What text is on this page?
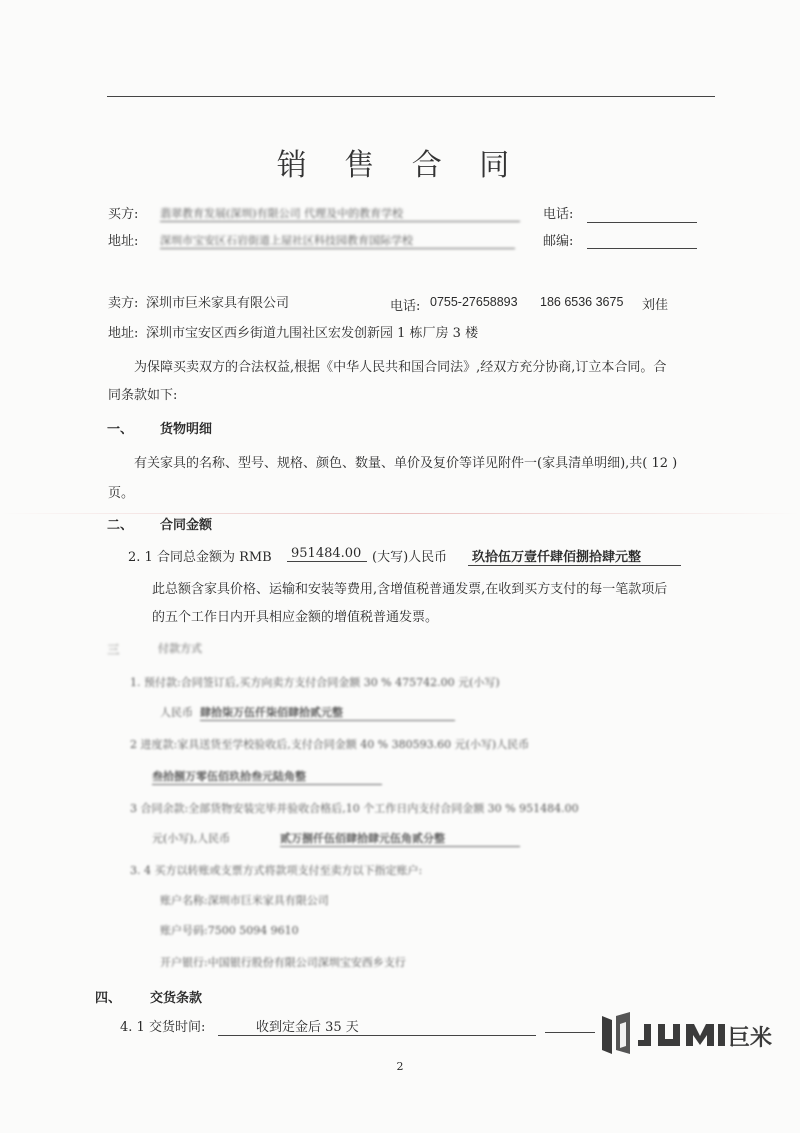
销 售 合 同
买方: 翡翠教育发展(深圳)有限公司 代理及中的教育学校	电话:
地址: 深圳市宝安区石岩街道上屋社区科技园教育国际学校	邮编:
卖方: 深圳市巨米家具有限公司	电话: 0755-27658893 186 6536 3675 刘佳
地址: 深圳市宝安区西乡街道九围社区宏发创新园 1 栋厂房 3 楼
为保障买卖双方的合法权益,根据《中华人民共和国合同法》,经双方充分协商,订立本合同。合
同条款如下:
一、 货物明细
有关家具的名称、型号、规格、颜色、数量、单价及复价等详见附件一(家具清单明细),共( 12 )
页。
二、 合同金额
2. 1 合同总金额为 RMB	951484.00 (大写)人民币	玖拾伍万壹仟肆佰捌拾肆元整
此总额含家具价格、运输和安装等费用,含增值税普通发票,在收到买方支付的每一笔款项后
的五个工作日内开具相应金额的增值税普通发票。
三	付款方式
1. 预付款:合同签订后,买方向卖方支付合同金额 30 % 475742.00 元(小写)
人民币 肆拾柒万伍仟柒佰肆拾贰元整
2 进度款:家具送货至学校验收后,支付合同金额 40 % 380593.60 元(小写)人民币
叁拾捌万零伍佰玖拾叁元陆角整
3 合同余款:全部货物安装完毕并验收合格后,10 个工作日内支付合同金额 30 % 951484.00
元(小写),人民币	贰万捌仟伍佰肆拾肆元伍角贰分整
3. 4 买方以转账或支票方式将款项支付至卖方以下指定账户:
账户名称:深圳市巨米家具有限公司
账户号码:7500 5094 9610
开户银行:中国银行股份有限公司深圳宝安西乡支行
四、 交货条款
4. 1 交货时间:	收到定金后 35 天
2
巨米
